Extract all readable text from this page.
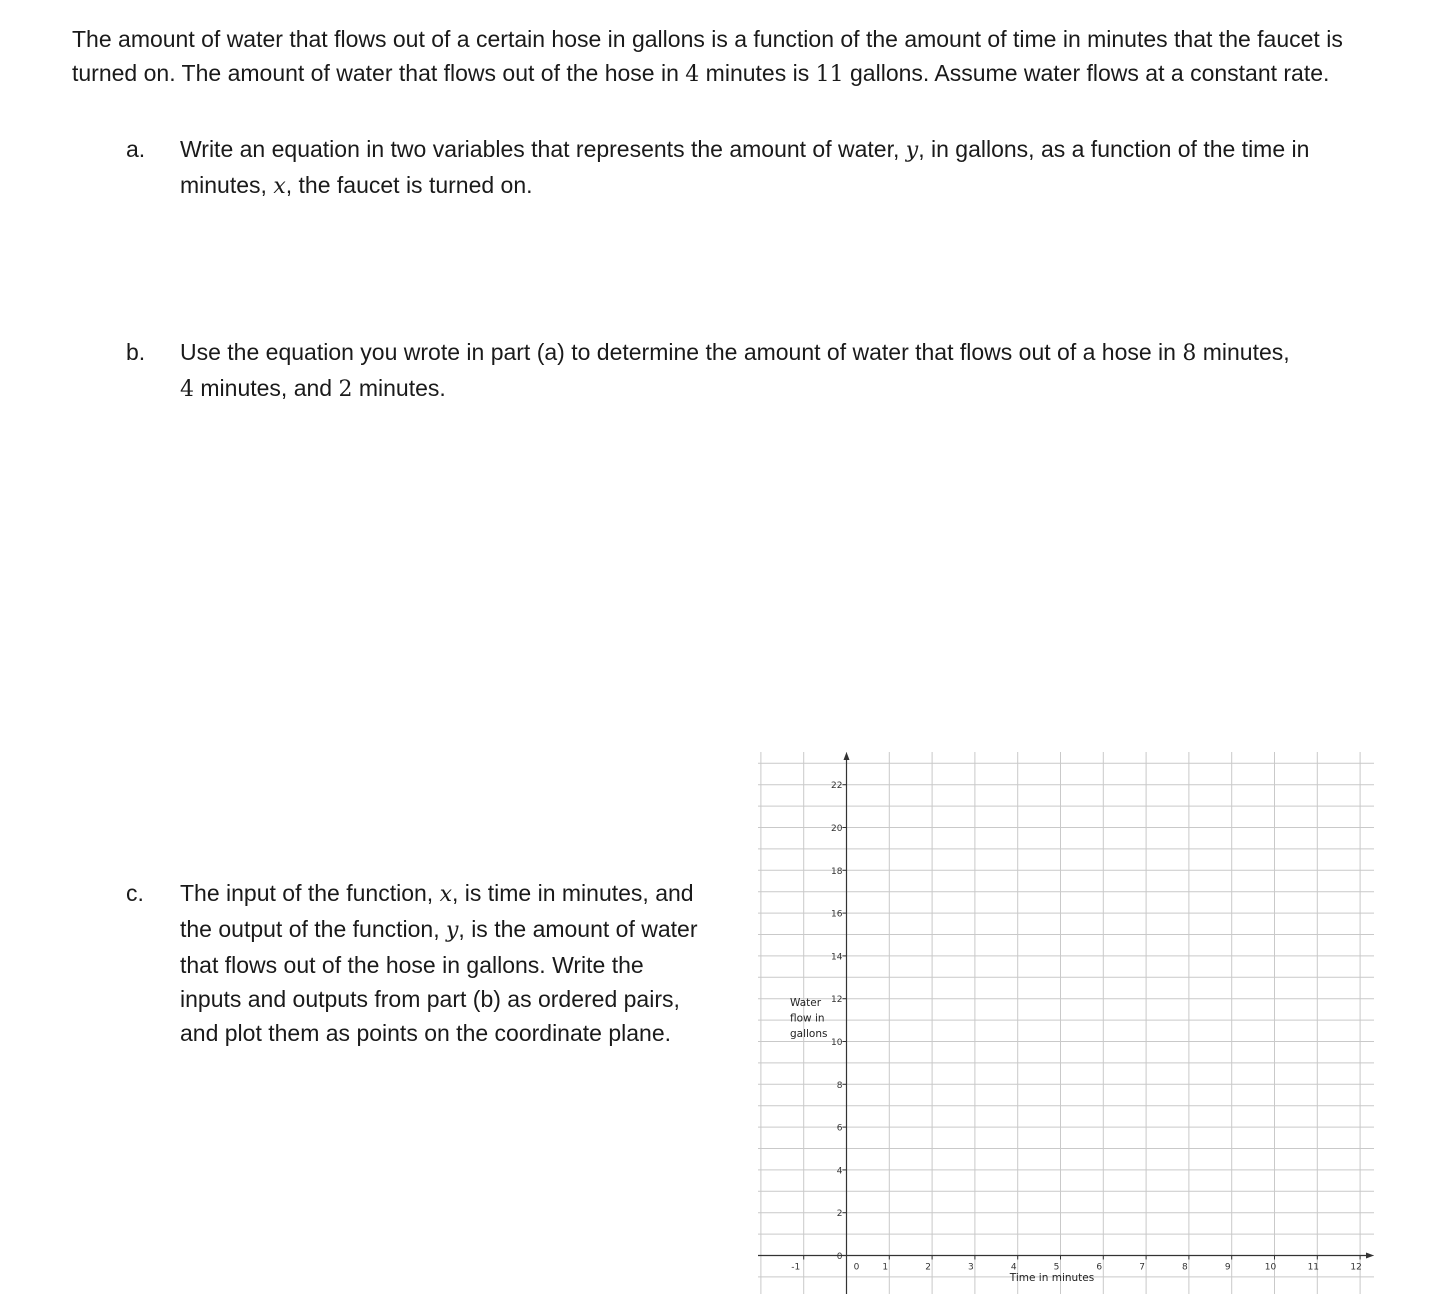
The amount of water that flows out of a certain hose in gallons is a function of the amount of time in minutes that the faucet is turned on. The amount of water that flows out of the hose in 4 minutes is 11 gallons. Assume water flows at a constant rate.
a. Write an equation in two variables that represents the amount of water, y, in gallons, as a function of the time in minutes, x, the faucet is turned on.
b. Use the equation you wrote in part (a) to determine the amount of water that flows out of a hose in 8 minutes, 4 minutes, and 2 minutes.
c. The input of the function, x, is time in minutes, and the output of the function, y, is the amount of water that flows out of the hose in gallons. Write the inputs and outputs from part (b) as ordered pairs, and plot them as points on the coordinate plane.
0
2
4
6
8
10
12
14
16
18
20
22
-1	0	1	2	3	4	5	6	7	8	9	10	11	12
Time in minutes
Water
flow in
gallons
